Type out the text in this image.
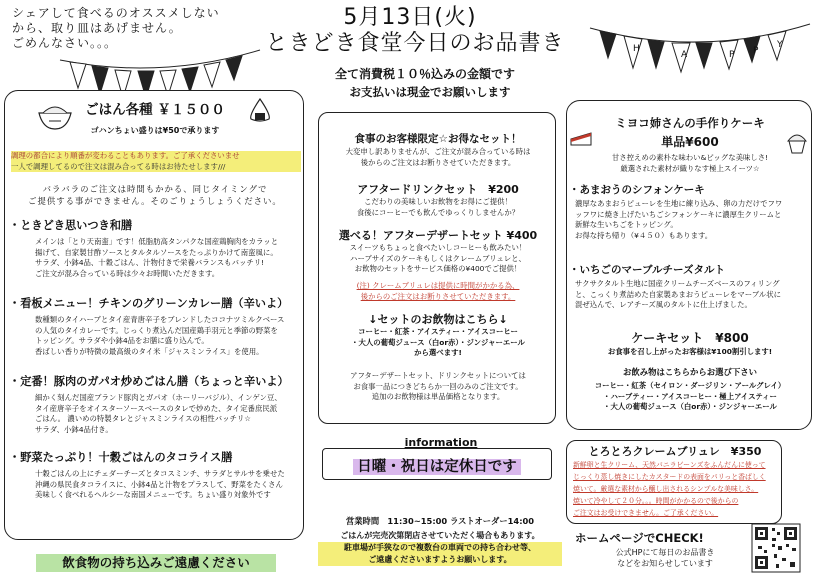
シェアして食べるのオススメしない
から、取り皿はあげません。
ごめんなさい。。。	H
A	P P
Y
5月13日(火)
ときどき食堂今日のお品書き
全て消費税１０％込みの金額です
お支払いは現金でお願いします
ごはん各種 ￥１５００
ゴハンちょい盛りは¥50で承ります
調理の都合により順番が変わることもあります。ご了承くださいませ
一人で調理してるので注文は混み合ってる時はお待たせします///
バラバラのご注文は時間もかかる、同じタイミングで
ご提供する事ができません。そのごりょうしょうください。
・ ときどき思いつき和膳
メインは「とり天南蛮」です！低脂肪高タンパクな国産鶏胸肉をカラッと
揚げて、自家製甘酢ソースとタルタルソースをたっぷりかけて南蛮風に。
サラダ、小鉢4品、十穀ごはん、汁物付きで栄養バランスもバッチリ!
ご注文が混み合っている時は少々お時間いただきます。
・ 看板メニュー！チキンのグリーンカレー膳（辛いよ）
数種類のタイハーブとタイ産青唐辛子をブレンドしたココナツミルクベース
の人気のタイカレーです。じっくり煮込んだ国産鶏手羽元と季節の野菜を
トッピング。サラダや小鉢4品をお膳に盛り込んで。
香ばしい香りが特徴の最高級のタイ米「ジャスミンライス」を使用。
・ 定番！豚肉のガパオ炒めごはん膳（ちょっと辛いよ）
細かく刻んだ国産ブランド豚肉とガパオ（ホーリーバジル）、インゲン豆、
タイ産唐辛子をオイスターソースベースのタレで炒めた、タイ定番庶民派
ごはん。 濃いめの特製タレとジャスミンライスの相性バッチリ☆
サラダ、小鉢4品付き。
・ 野菜たっぷり！十穀ごはんのタコライス膳
十穀ごはんの上にチェダーチーズとタコスミンチ、サラダとサルサを乗せた
沖縄の県民食タコライスに、小鉢4品と汁物をプラスして、野菜をたくさん
美味しく食べれるヘルシーな南国メニューです。ちょい盛り対象外です
飲食物の持ち込みご遠慮ください
食事のお客様限定☆お得なセット！
大変申し訳ありませんが、ご注文が混み合っている時は
後からのご注文はお断りさせていただきます。
アフタードリンクセット　¥200
こだわりの美味しいお飲物をお得にご提供！
食後にコーヒーでも飲んでゆっくりしませんか？
選べる！アフターデザートセット ¥400
スイーツもちょっと食べたいしコーヒーも飲みたい！
ハーブサイズのケーキもしくはクレームブリュレと、
お飲物のセットをサービス価格の¥400でご提供！
(注) クレームブリュレは提供に時間がかかる為、
後からのご注文はお断りさせていただきます。
↓セットのお飲物はこちら↓
コーヒー・紅茶・アイスティー・アイスコーヒー
・大人の葡萄ジュース（白or赤）・ジンジャーエール
から選べます!
アフターデザートセット、ドリンクセットについては
お食事一品につきどちらか一回のみのご注文です。
追加のお飲物様は単品価格となります。
information
日曜・祝日は定休日です
営業時間　11:30~15:00 ラストオーダー14:00
ごはんが完売次第閉店させていただく場合もあります。
駐車場が手狭なので複数台の車両での持ち合わせ等、
ご遠慮くださいますようお願いします。
ミヨコ姉さんの手作りケーキ
単品¥600
甘さ控えめの素朴な味わい&ビッグな美味しさ!
厳選された素材が織りなす極上スイーツ☆
・ あまおうのシフォンケーキ
濃厚なあまおうピューレを生地に練り込み、卵の力だけでフワ
ッフワに焼き上げたいちごシフォンケーキに濃厚生クリームと
新鮮な生いちごをトッピング。
お得な持ち帰り（¥４５０）もあります。
・ いちごのマーブルチーズタルト
サクサクタルト生地に国産クリームチーズベースのフィリング
と、こっくり煮詰めた自家製あまおうピューレをマーブル状に
混ぜ込んで、レアチーズ風のタルトに仕上げました。
ケーキセット　¥800
お食事を召し上がったお客様は¥100割引します!
お飲み物はこちらからお選び下さい
コーヒー・紅茶（セイロン・ダージリン・アールグレイ）
・ハーブティー・アイスコーヒー・極上アイスティー
・大人の葡萄ジュース（白or赤）・ジンジャーエール
とろとろクレームブリュレ　¥350
新鮮卵と生クリーム、天然バニラビーンズをふんだんに使って
じっくり蒸し焼きにしたカスタードの表面をパリっと香ばしく
焼いて。厳選な素材から醸し出されるシンプルな美味しさ。
焼いて冷やして２０分。。。時間がかかるので後からの
ご注文はお受けできません。ご了承ください。
ホームページでCHECK!
公式HPにて毎日のお品書き
などをお知らせしています
